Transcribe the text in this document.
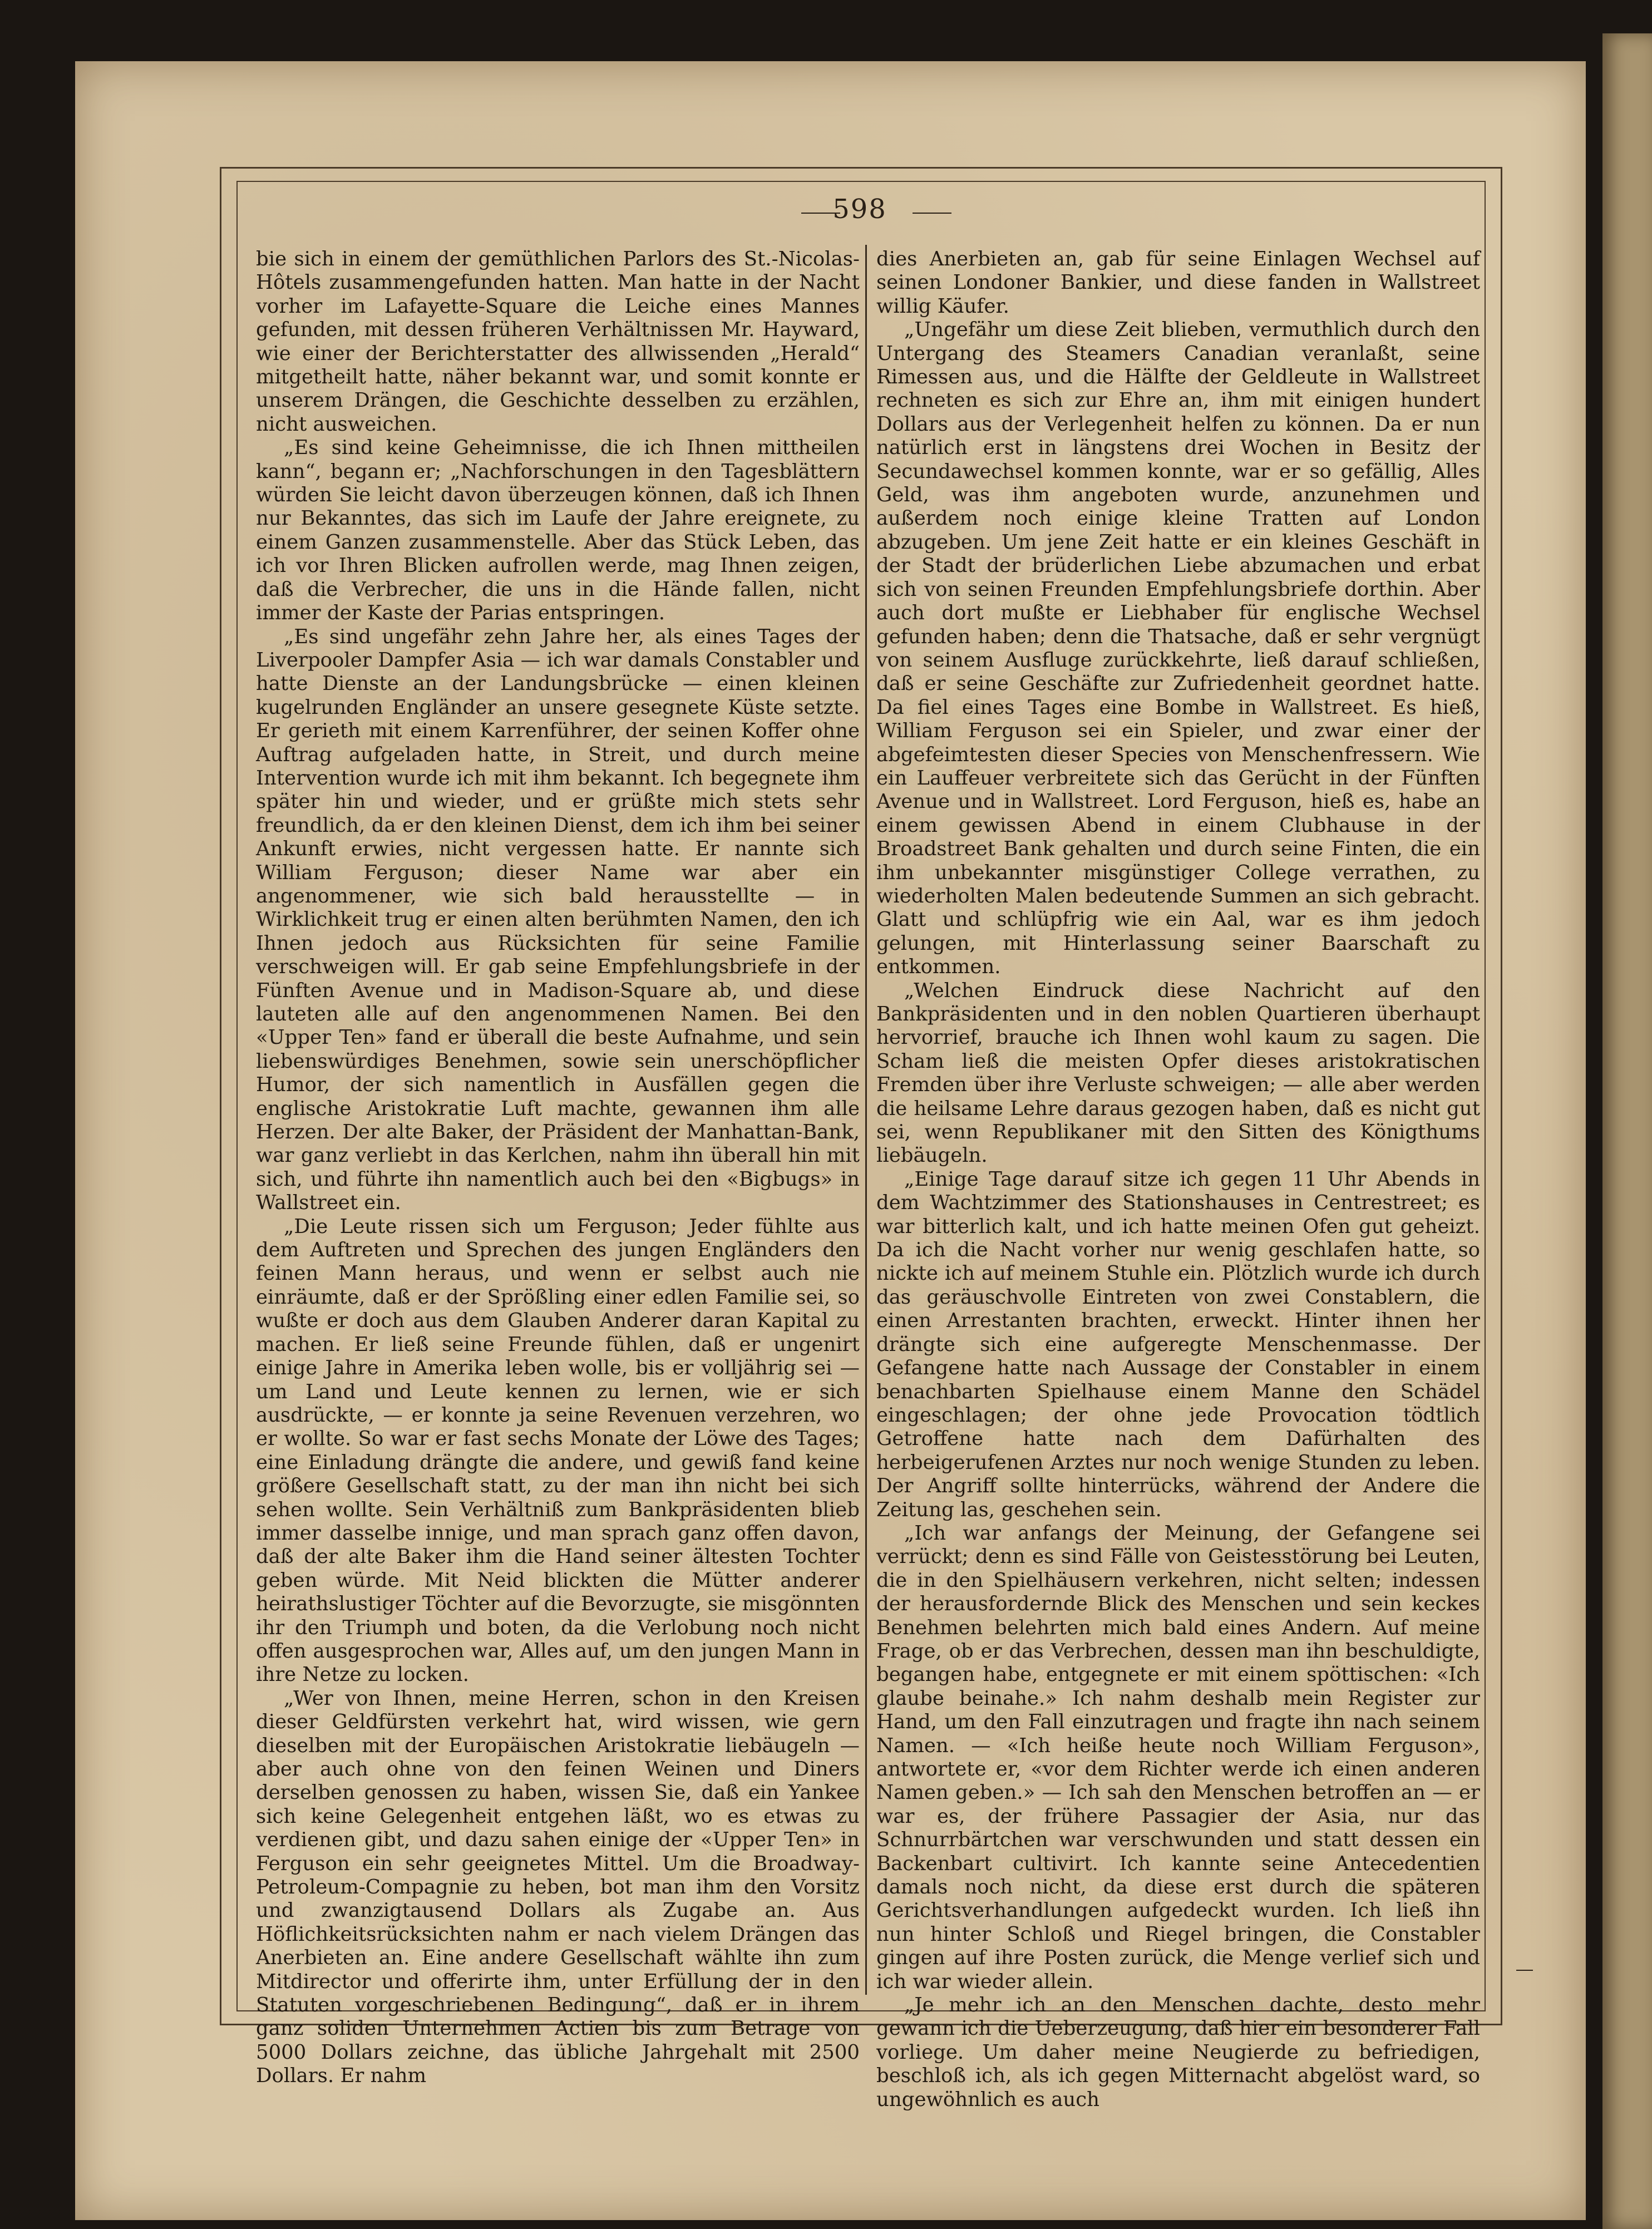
598

bie sich in einem der gemüthlichen Parlors des St.-Nicolas-Hôtels zusammengefunden hatten. Man hatte in der Nacht vorher im Lafayette-Square die Leiche eines Mannes gefunden, mit dessen früheren Verhältnissen Mr. Hayward, wie einer der Berichterstatter des allwissenden „Herald“ mitgetheilt hatte, näher bekannt war, und somit konnte er unserem Drängen, die Geschichte desselben zu erzählen, nicht ausweichen.

„Es sind keine Geheimnisse, die ich Ihnen mittheilen kann“, begann er; „Nachforschungen in den Tagesblättern würden Sie leicht davon überzeugen können, daß ich Ihnen nur Bekanntes, das sich im Laufe der Jahre ereignete, zu einem Ganzen zusammenstelle. Aber das Stück Leben, das ich vor Ihren Blicken aufrollen werde, mag Ihnen zeigen, daß die Verbrecher, die uns in die Hände fallen, nicht immer der Kaste der Parias entspringen.

„Es sind ungefähr zehn Jahre her, als eines Tages der Liverpooler Dampfer Asia — ich war damals Constabler und hatte Dienste an der Landungsbrücke — einen kleinen kugelrunden Engländer an unsere gesegnete Küste setzte. Er gerieth mit einem Karrenführer, der seinen Koffer ohne Auftrag aufgeladen hatte, in Streit, und durch meine Intervention wurde ich mit ihm bekannt. Ich begegnete ihm später hin und wieder, und er grüßte mich stets sehr freundlich, da er den kleinen Dienst, dem ich ihm bei seiner Ankunft erwies, nicht vergessen hatte. Er nannte sich William Ferguson; dieser Name war aber ein angenommener, wie sich bald herausstellte — in Wirklichkeit trug er einen alten berühmten Namen, den ich Ihnen jedoch aus Rücksichten für seine Familie verschweigen will. Er gab seine Empfehlungsbriefe in der Fünften Avenue und in Madison-Square ab, und diese lauteten alle auf den angenommenen Namen. Bei den «Upper Ten» fand er überall die beste Aufnahme, und sein liebenswürdiges Benehmen, sowie sein unerschöpflicher Humor, der sich namentlich in Ausfällen gegen die englische Aristokratie Luft machte, gewannen ihm alle Herzen. Der alte Baker, der Präsident der Manhattan-Bank, war ganz verliebt in das Kerlchen, nahm ihn überall hin mit sich, und führte ihn namentlich auch bei den «Bigbugs» in Wallstreet ein.

„Die Leute rissen sich um Ferguson; Jeder fühlte aus dem Auftreten und Sprechen des jungen Engländers den feinen Mann heraus, und wenn er selbst auch nie einräumte, daß er der Sprößling einer edlen Familie sei, so wußte er doch aus dem Glauben Anderer daran Kapital zu machen. Er ließ seine Freunde fühlen, daß er ungenirt einige Jahre in Amerika leben wolle, bis er volljährig sei — um Land und Leute kennen zu lernen, wie er sich ausdrückte, — er konnte ja seine Revenuen verzehren, wo er wollte. So war er fast sechs Monate der Löwe des Tages; eine Einladung drängte die andere, und gewiß fand keine größere Gesellschaft statt, zu der man ihn nicht bei sich sehen wollte. Sein Verhältniß zum Bankpräsidenten blieb immer dasselbe innige, und man sprach ganz offen davon, daß der alte Baker ihm die Hand seiner ältesten Tochter geben würde. Mit Neid blickten die Mütter anderer heirathslustiger Töchter auf die Bevorzugte, sie misgönnten ihr den Triumph und boten, da die Verlobung noch nicht offen ausgesprochen war, Alles auf, um den jungen Mann in ihre Netze zu locken.

„Wer von Ihnen, meine Herren, schon in den Kreisen dieser Geldfürsten verkehrt hat, wird wissen, wie gern dieselben mit der Europäischen Aristokratie liebäugeln — aber auch ohne von den feinen Weinen und Diners derselben genossen zu haben, wissen Sie, daß ein Yankee sich keine Gelegenheit entgehen läßt, wo es etwas zu verdienen gibt, und dazu sahen einige der «Upper Ten» in Ferguson ein sehr geeignetes Mittel. Um die Broadway-Petroleum-Compagnie zu heben, bot man ihm den Vorsitz und zwanzigtausend Dollars als Zugabe an. Aus Höflichkeitsrücksichten nahm er nach vielem Drängen das Anerbieten an. Eine andere Gesellschaft wählte ihn zum Mitdirector und offerirte ihm, unter Erfüllung der in den Statuten vorgeschriebenen Bedingung“, daß er in ihrem ganz soliden Unternehmen Actien bis zum Betrage von 5000 Dollars zeichne, das übliche Jahrgehalt mit 2500 Dollars. Er nahm

dies Anerbieten an, gab für seine Einlagen Wechsel auf seinen Londoner Bankier, und diese fanden in Wallstreet willig Käufer.

„Ungefähr um diese Zeit blieben, vermuthlich durch den Untergang des Steamers Canadian veranlaßt, seine Rimessen aus, und die Hälfte der Geldleute in Wallstreet rechneten es sich zur Ehre an, ihm mit einigen hundert Dollars aus der Verlegenheit helfen zu können. Da er nun natürlich erst in längstens drei Wochen in Besitz der Secundawechsel kommen konnte, war er so gefällig, Alles Geld, was ihm angeboten wurde, anzunehmen und außerdem noch einige kleine Tratten auf London abzugeben. Um jene Zeit hatte er ein kleines Geschäft in der Stadt der brüderlichen Liebe abzumachen und erbat sich von seinen Freunden Empfehlungsbriefe dorthin. Aber auch dort mußte er Liebhaber für englische Wechsel gefunden haben; denn die Thatsache, daß er sehr vergnügt von seinem Ausfluge zurückkehrte, ließ darauf schließen, daß er seine Geschäfte zur Zufriedenheit geordnet hatte. Da fiel eines Tages eine Bombe in Wallstreet. Es hieß, William Ferguson sei ein Spieler, und zwar einer der abgefeimtesten dieser Species von Menschenfressern. Wie ein Lauffeuer verbreitete sich das Gerücht in der Fünften Avenue und in Wallstreet. Lord Ferguson, hieß es, habe an einem gewissen Abend in einem Clubhause in der Broadstreet Bank gehalten und durch seine Finten, die ein ihm unbekannter misgünstiger College verrathen, zu wiederholten Malen bedeutende Summen an sich gebracht. Glatt und schlüpfrig wie ein Aal, war es ihm jedoch gelungen, mit Hinterlassung seiner Baarschaft zu entkommen.

„Welchen Eindruck diese Nachricht auf den Bankpräsidenten und in den noblen Quartieren überhaupt hervorrief, brauche ich Ihnen wohl kaum zu sagen. Die Scham ließ die meisten Opfer dieses aristokratischen Fremden über ihre Verluste schweigen; — alle aber werden die heilsame Lehre daraus gezogen haben, daß es nicht gut sei, wenn Republikaner mit den Sitten des Königthums liebäugeln.

„Einige Tage darauf sitze ich gegen 11 Uhr Abends in dem Wachtzimmer des Stationshauses in Centrestreet; es war bitterlich kalt, und ich hatte meinen Ofen gut geheizt. Da ich die Nacht vorher nur wenig geschlafen hatte, so nickte ich auf meinem Stuhle ein. Plötzlich wurde ich durch das geräuschvolle Eintreten von zwei Constablern, die einen Arrestanten brachten, erweckt. Hinter ihnen her drängte sich eine aufgeregte Menschenmasse. Der Gefangene hatte nach Aussage der Constabler in einem benachbarten Spielhause einem Manne den Schädel eingeschlagen; der ohne jede Provocation tödtlich Getroffene hatte nach dem Dafürhalten des herbeigerufenen Arztes nur noch wenige Stunden zu leben. Der Angriff sollte hinterrücks, während der Andere die Zeitung las, geschehen sein.

„Ich war anfangs der Meinung, der Gefangene sei verrückt; denn es sind Fälle von Geistesstörung bei Leuten, die in den Spielhäusern verkehren, nicht selten; indessen der herausfordernde Blick des Menschen und sein keckes Benehmen belehrten mich bald eines Andern. Auf meine Frage, ob er das Verbrechen, dessen man ihn beschuldigte, begangen habe, entgegnete er mit einem spöttischen: «Ich glaube beinahe.» Ich nahm deshalb mein Register zur Hand, um den Fall einzutragen und fragte ihn nach seinem Namen. — «Ich heiße heute noch William Ferguson», antwortete er, «vor dem Richter werde ich einen anderen Namen geben.» — Ich sah den Menschen betroffen an — er war es, der frühere Passagier der Asia, nur das Schnurrbärtchen war verschwunden und statt dessen ein Backenbart cultivirt. Ich kannte seine Antecedentien damals noch nicht, da diese erst durch die späteren Gerichtsverhandlungen aufgedeckt wurden. Ich ließ ihn nun hinter Schloß und Riegel bringen, die Constabler gingen auf ihre Posten zurück, die Menge verlief sich und ich war wieder allein.

„Je mehr ich an den Menschen dachte, desto mehr gewann ich die Ueberzeugung, daß hier ein besonderer Fall vorliege. Um daher meine Neugierde zu befriedigen, beschloß ich, als ich gegen Mitternacht abgelöst ward, so ungewöhnlich es auch
